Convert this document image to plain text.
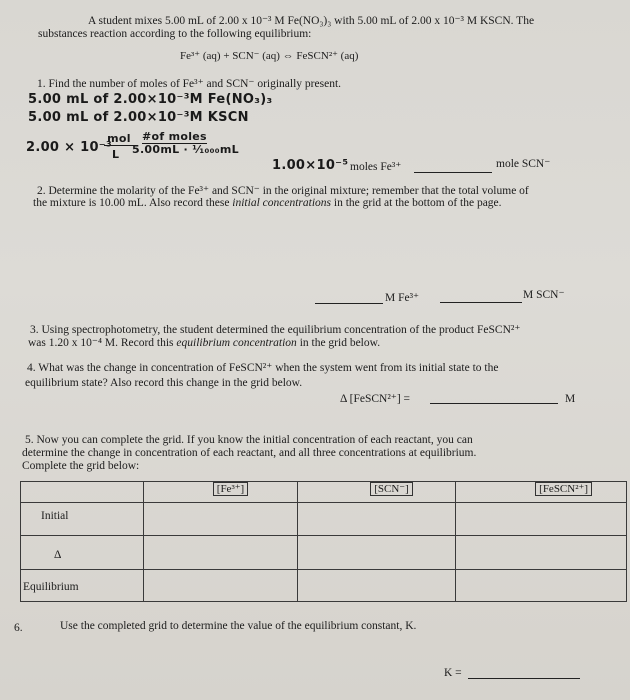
A student mixes 5.00 mL of 2.00 x 10⁻³ M Fe(NO₃)₃ with 5.00 mL of 2.00 x 10⁻³ M KSCN. The
substances reaction according to the following equilibrium:
Fe³⁺ (aq) + SCN⁻ (aq) ⇔ FeSCN²⁺ (aq)
1. Find the number of moles of Fe³⁺ and SCN⁻ originally present.
5.00 mL of 2.00×10⁻³M Fe(NO₃)₃
5.00 mL of 2.00×10⁻³M KSCN
2.00 × 10⁻³
mol
L
#of moles
5.00mL · ¹⁄₁₀₀₀mL
1.00×10⁻⁵ moles Fe³⁺	mole SCN⁻
2. Determine the molarity of the Fe³⁺ and SCN⁻ in the original mixture; remember that the total volume of
the mixture is 10.00 mL. Also record these initial concentrations in the grid at the bottom of the page.
M Fe³⁺	M SCN⁻
3. Using spectrophotometry, the student determined the equilibrium concentration of the product FeSCN²⁺
was 1.20 x 10⁻⁴ M. Record this equilibrium concentration in the grid below.
4. What was the change in concentration of FeSCN²⁺ when the system went from its initial state to the
equilibrium state? Also record this change in the grid below.
Δ [FeSCN²⁺] =	M
5. Now you can complete the grid. If you know the initial concentration of each reactant, you can
determine the change in concentration of each reactant, and all three concentrations at equilibrium.
Complete the grid below:
	[Fe³⁺]	[SCN⁻]	[FeSCN²⁺]

Initial			

Δ			

Equilibrium			

6.	Use the completed grid to determine the value of the equilibrium constant, K.
K =
